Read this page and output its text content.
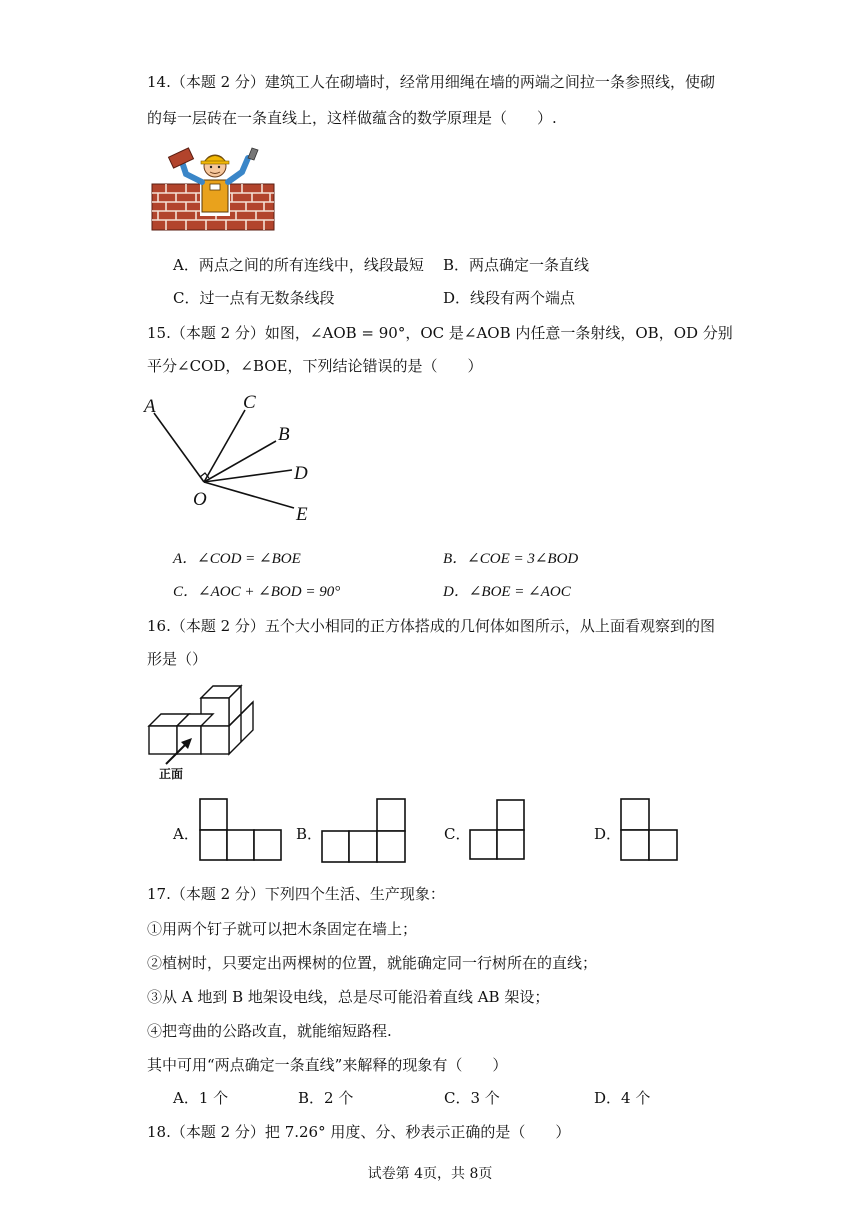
14.（本题 2 分）建筑工人在砌墙时，经常用细绳在墙的两端之间拉一条参照线，使砌
的每一层砖在一条直线上，这样做蕴含的数学原理是（　　）.
A．两点之间的所有连线中，线段最短 B．两点确定一条直线
C．过一点有无数条线段	D．线段有两个端点
15.（本题 2 分）如图，∠AOB = 90°，OC 是∠AOB 内任意一条射线，OB，OD 分别
平分∠COD，∠BOE，下列结论错误的是（　　）
A	C
B
D
E
O
A．∠COD = ∠BOE	B．∠COE = 3∠BOD
C．∠AOC + ∠BOD = 90°	D．∠BOE = ∠AOC
16.（本题 2 分）五个大小相同的正方体搭成的几何体如图所示，从上面看观察到的图
形是（）
正面
A．	B．	C．	D．
17.（本题 2 分）下列四个生活、生产现象：
①用两个钉子就可以把木条固定在墙上；
②植树时，只要定出两棵树的位置，就能确定同一行树所在的直线；
③从 A 地到 B 地架设电线，总是尽可能沿着直线 AB 架设；
④把弯曲的公路改直，就能缩短路程.
其中可用“两点确定一条直线”来解释的现象有（　　）
A．1 个	B．2 个	C．3 个	D．4 个
18.（本题 2 分）把 7.26° 用度、分、秒表示正确的是（　　）
试卷第 4页，共 8页
